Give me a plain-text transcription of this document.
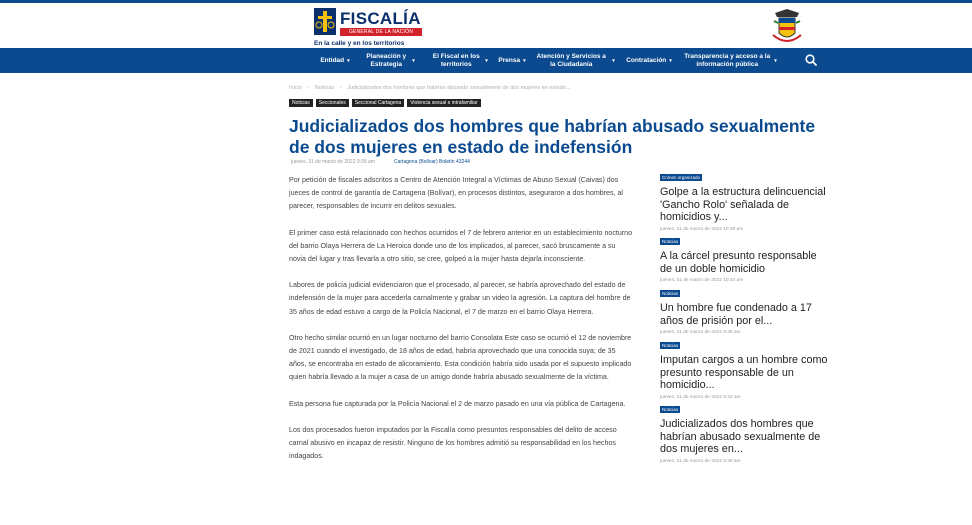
FISCALÍA
GENERAL DE LA NACIÓN
En la calle y en los territorios
Entidad ▾
Planeación y Estrategia	▾
El Fiscal en los territorios	▾ Prensa ▾
Atención y Servicios a la Ciudadanía	▾ Contratación ▾
Transparencia y acceso a la información pública	▾
Inicio › Noticias › Judicializados dos hombres que habrían abusado sexualmente de dos mujeres en estado...
Noticias	Seccionales	Seccional Cartagena	Violencia sexual e intrafamiliar
Judicializados dos hombres que habrían abusado sexualmente de dos mujeres en estado de indefensión
jueves, 31 de marzo de 2022 9:39 am	Cartagena (Bolívar) Boletín 43244

Por petición de fiscales adscritos a Centro de Atención Integral a Víctimas de Abuso Sexual (Caivas) dos jueces de control de garantía de Cartagena (Bolívar), en procesos distintos, aseguraron a dos hombres, al parecer, responsables de incurrir en delitos sexuales.

El primer caso está relacionado con hechos ocurridos el 7 de febrero anterior en un establecimiento nocturno del barrio Olaya Herrera de La Heroica donde uno de los implicados, al parecer, sacó bruscamente a su novia del lugar y tras llevarla a otro sitio, se cree, golpeó a la mujer hasta dejarla inconsciente.

Labores de policía judicial evidenciaron que el procesado, al parecer, se habría aprovechado del estado de indefensión de la mujer para accederla carnalmente y grabar un video la agresión. La captura del hombre de 35 años de edad estuvo a cargo de la Policía Nacional, el 7 de marzo en el barrio Olaya Herrera.

Otro hecho similar ocurrió en un lugar nocturno del barrio Consolata Este caso se ocurrió el 12 de noviembre de 2021 cuando el investigado, de 18 años de edad, habría aprovechado que una conocida suya; de 35 años, se encontraba en estado de alicoramiento. Esta condición habría sido usada por el supuesto implicado quien habría llevado a la mujer a casa de un amigo donde habría abusado sexualmente de la víctima.

Esta persona fue capturada por la Policía Nacional el 2 de marzo pasado en una vía pública de Cartagena.

Los dos procesados fueron imputados por la Fiscalía como presuntos responsables del delito de acceso carnal abusivo en incapaz de resistir. Ninguno de los hombres admitió su responsabilidad en los hechos indagados.

Crimen organizado
Golpe a la estructura delincuencial 'Gancho Rolo' señalada de homicidios y...
jueves, 31 de marzo de 2022 10:39 am
Noticias
A la cárcel presunto responsable de un doble homicidio
jueves, 31 de marzo de 2022 10:34 am
Noticias
Un hombre fue condenado a 17 años de prisión por el...
jueves, 31 de marzo de 2022 9:49 am
Noticias
Imputan cargos a un hombre como presunto responsable de un homicidio...
jueves, 31 de marzo de 2022 9:43 am
Noticias
Judicializados dos hombres que habrían abusado sexualmente de dos mujeres en...
jueves, 31 de marzo de 2022 9:39 am
